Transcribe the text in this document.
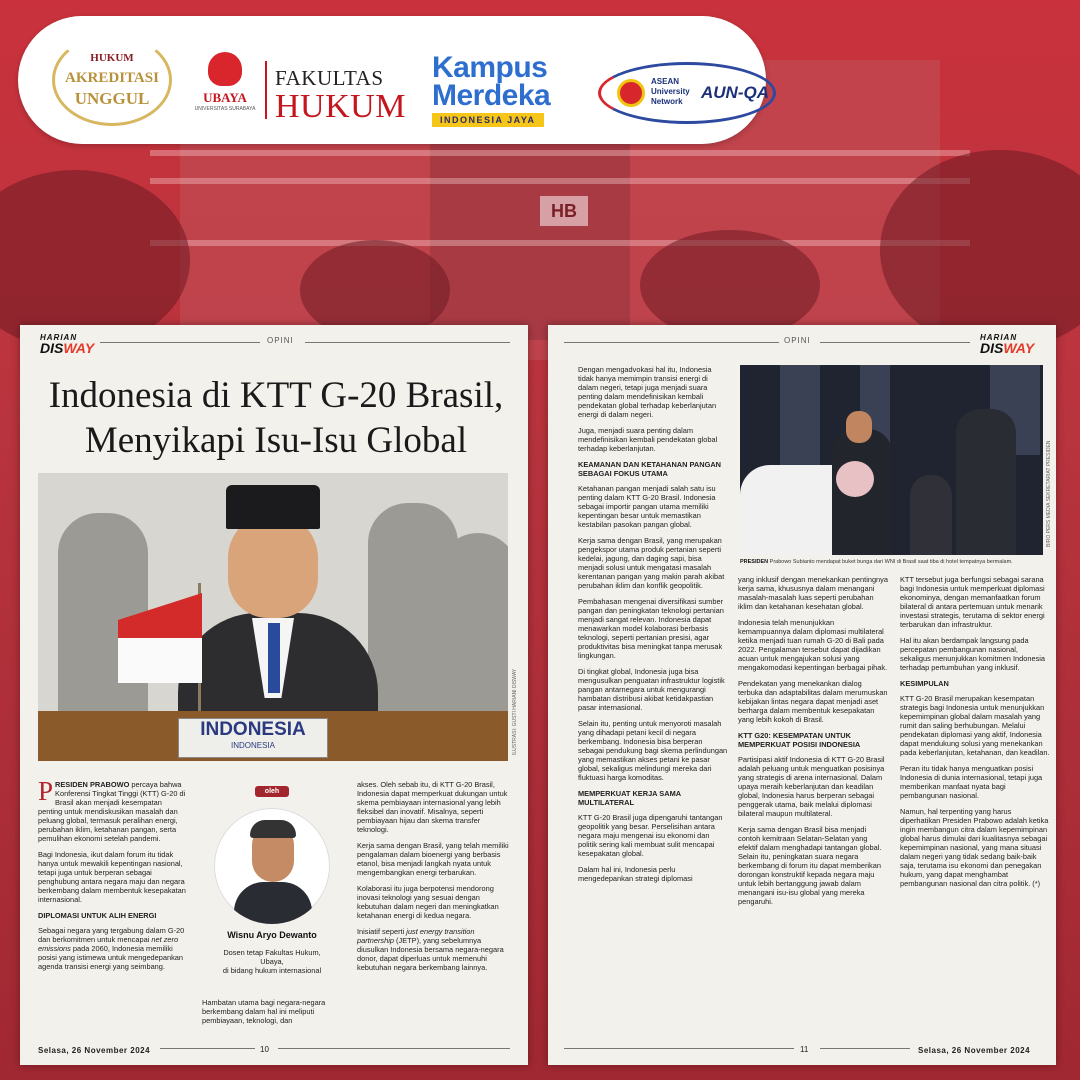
HB
HUKUM
AKREDITASI
UNGGUL	UBAYA
UNIVERSITAS SURABAYA
FAKULTAS
HUKUM
Kampus
Merdeka
INDONESIA JAYA
ASEAN
University
Network	AUN-QA
HARIAN
DISWAY	OPINI
Indonesia di KTT G-20 Brasil,
Menyikapi Isu-Isu Global
INDONESIA
INDONESIA	ILUSTRASI: GUSTI HARIANI DISWAY

PRESIDEN PRABOWO percaya bahwa Konferensi Tingkat Tinggi (KTT) G-20 di Brasil akan menjadi kesempatan penting untuk mendiskusikan masalah dan peluang global, termasuk peralihan energi, perubahan iklim, ketahanan pangan, serta pemulihan ekonomi setelah pandemi.

Bagi Indonesia, ikut dalam forum itu tidak hanya untuk mewakili kepentingan nasional, tetapi juga untuk berperan sebagai penghubung antara negara maju dan negara berkembang dalam membentuk kesepakatan internasional.

DIPLOMASI UNTUK ALIH ENERGI

Sebagai negara yang tergabung dalam G-20 dan berkomitmen untuk mencapai net zero emissions pada 2060, Indonesia memiliki posisi yang istimewa untuk mengedepankan agenda transisi energi yang seimbang.

oleh
Wisnu Aryo Dewanto
Dosen tetap Fakultas Hukum,
Ubaya,
di bidang hukum internasional

Hambatan utama bagi negara-negara berkembang dalam hal ini meliputi pembiayaan, teknologi, dan

akses. Oleh sebab itu, di KTT G-20 Brasil, Indonesia dapat memperkuat dukungan untuk skema pembiayaan internasional yang lebih fleksibel dan inovatif. Misalnya, seperti pembiayaan hijau dan skema transfer teknologi.

Kerja sama dengan Brasil, yang telah memiliki pengalaman dalam bioenergi yang berbasis etanol, bisa menjadi langkah nyata untuk mengembangkan energi terbarukan.

Kolaborasi itu juga berpotensi mendorong inovasi teknologi yang sesuai dengan kebutuhan dalam negeri dan meningkatkan ketahanan energi di kedua negara.

Inisiatif seperti just energy transition partnership (JETP), yang sebelumnya diusulkan Indonesia bersama negara-negara donor, dapat diperluas untuk memenuhi kebutuhan negara berkembang lainnya.

Selasa, 26 November 2024	10
OPINI	HARIAN
DISWAY

Dengan mengadvokasi hal itu, Indonesia tidak hanya memimpin transisi energi di dalam negeri, tetapi juga menjadi suara penting dalam mendefinisikan kembali pendekatan global terhadap keberlanjutan energi di dalam negeri.

Juga, menjadi suara penting dalam mendefinisikan kembali pendekatan global terhadap keberlanjutan.

KEAMANAN DAN KETAHANAN PANGAN SEBAGAI FOKUS UTAMA

Ketahanan pangan menjadi salah satu isu penting dalam KTT G-20 Brasil. Indonesia sebagai importir pangan utama memiliki kepentingan besar untuk memastikan kestabilan pasokan pangan global.

Kerja sama dengan Brasil, yang merupakan pengekspor utama produk pertanian seperti kedelai, jagung, dan daging sapi, bisa menjadi solusi untuk mengatasi masalah kerentanan pangan yang makin parah akibat perubahan iklim dan konflik geopolitik.

Pembahasan mengenai diversifikasi sumber pangan dan peningkatan teknologi pertanian menjadi sangat relevan. Indonesia dapat menawarkan model kolaborasi berbasis teknologi, seperti pertanian presisi, agar produktivitas bisa meningkat tanpa merusak lingkungan.

Di tingkat global, Indonesia juga bisa mengusulkan penguatan infrastruktur logistik pangan antarnegara untuk mengurangi hambatan distribusi akibat ketidakpastian pasar internasional.

Selain itu, penting untuk menyoroti masalah yang dihadapi petani kecil di negara berkembang. Indonesia bisa berperan sebagai pendukung bagi skema perlindungan yang memastikan akses petani ke pasar global, sekaligus melindungi mereka dari fluktuasi harga komoditas.

MEMPERKUAT KERJA SAMA MULTILATERAL

KTT G-20 Brasil juga dipengaruhi tantangan geopolitik yang besar. Perselisihan antara negara maju mengenai isu ekonomi dan politik sering kali membuat sulit mencapai kesepakatan global.

Dalam hal ini, Indonesia perlu mengedepankan strategi diplomasi

BIRO PERS MEDIA SEKRETARIAT PRESIDEN
PRESIDEN Prabowo Subianto mendapat buket bunga dari WNI di Brasil saat tiba di hotel tempatnya bermalam.

yang inklusif dengan menekankan pentingnya kerja sama, khususnya dalam menangani masalah-masalah luas seperti perubahan iklim dan ketahanan kesehatan global.

Indonesia telah menunjukkan kemampuannya dalam diplomasi multilateral ketika menjadi tuan rumah G-20 di Bali pada 2022. Pengalaman tersebut dapat dijadikan acuan untuk mengajukan solusi yang mengakomodasi kepentingan berbagai pihak.

Pendekatan yang menekankan dialog terbuka dan adaptabilitas dalam merumuskan kebijakan lintas negara dapat menjadi aset berharga dalam membentuk kesepakatan yang lebih kokoh di Brasil.

KTT G20: KESEMPATAN UNTUK MEMPERKUAT POSISI INDONESIA

Partisipasi aktif Indonesia di KTT G-20 Brasil adalah peluang untuk menguatkan posisinya yang strategis di arena internasional. Dalam upaya meraih keberlanjutan dan keadilan global, Indonesia harus berperan sebagai penggerak utama, baik melalui diplomasi bilateral maupun multilateral.

Kerja sama dengan Brasil bisa menjadi contoh kemitraan Selatan-Selatan yang efektif dalam menghadapi tantangan global. Selain itu, peningkatan suara negara berkembang di forum itu dapat memberikan dorongan konstruktif kepada negara maju untuk lebih bertanggung jawab dalam menangani isu-isu global yang mereka pengaruhi.

KTT tersebut juga berfungsi sebagai sarana bagi Indonesia untuk memperkuat diplomasi ekonominya, dengan memanfaatkan forum bilateral di antara pertemuan untuk menarik investasi strategis, terutama di sektor energi terbarukan dan infrastruktur.

Hal itu akan berdampak langsung pada percepatan pembangunan nasional, sekaligus menunjukkan komitmen Indonesia terhadap pertumbuhan yang inklusif.

KESIMPULAN

KTT G-20 Brasil merupakan kesempatan strategis bagi Indonesia untuk menunjukkan kepemimpinan global dalam masalah yang rumit dan saling berhubungan. Melalui pendekatan diplomasi yang aktif, Indonesia dapat mendukung solusi yang menekankan pada keberlanjutan, ketahanan, dan keadilan.

Peran itu tidak hanya menguatkan posisi Indonesia di dunia internasional, tetapi juga memberikan manfaat nyata bagi pembangunan nasional.

Namun, hal terpenting yang harus diperhatikan Presiden Prabowo adalah ketika ingin membangun citra dalam kepemimpinan global harus dimulai dari kualitasnya sebagai kepemimpinan nasional, yang mana situasi dalam negeri yang tidak sedang baik-baik saja, terutama isu ekonomi dan penegakan hukum, yang dapat menghambat pembangunan nasional dan citra politik. (*)

11	Selasa, 26 November 2024
